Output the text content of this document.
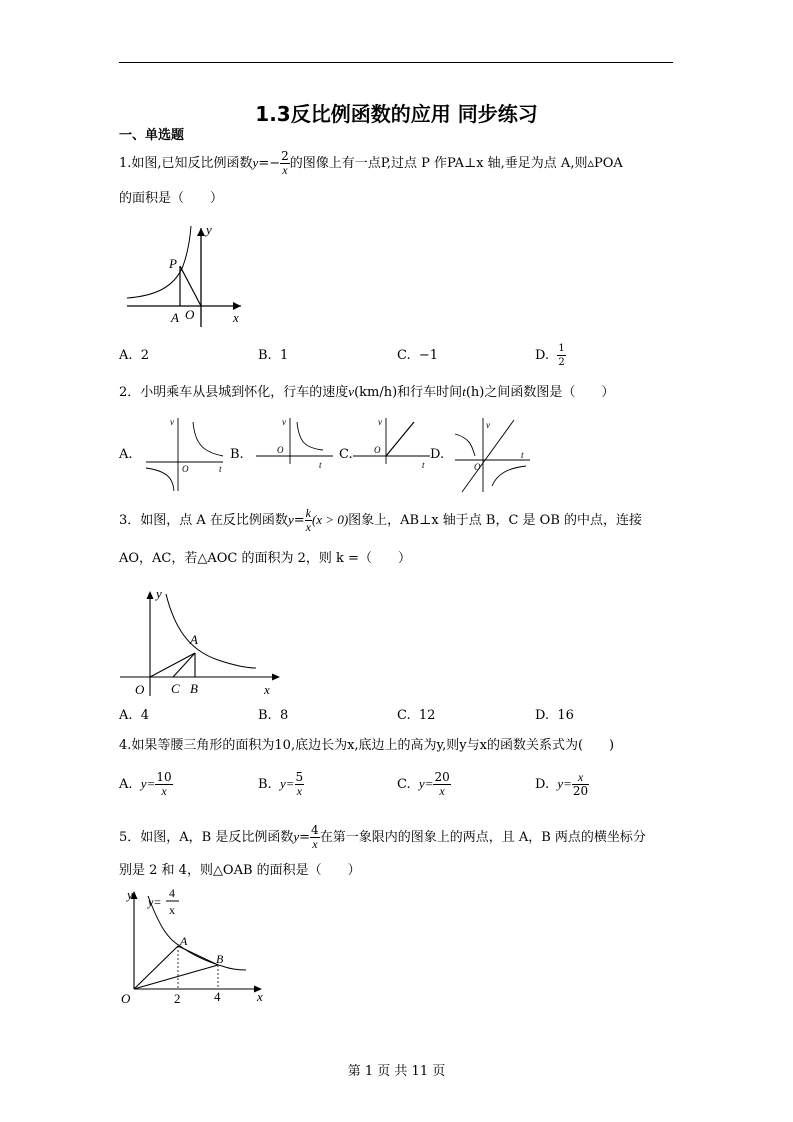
1.3反比例函数的应用 同步练习
一、单选题
1.如图,已知反比例函数$y=- \frac{2}{x}$ 的图像上有一点P,过点 P 作PA⊥x 轴,垂足为点 A,则▵POA
的面积是（　　）
P
A O	x
y
A. 2	B. 1	C. −1	D. $\frac{1}{2}$
2．小明乘车从县城到怀化，行车的速度v(km/h)和行车时间t(h)之间函数图是（　　）
A.
v
O	t
B.
v
O
t
C.
v
O
t
D.
v
O
t
3．如图，点 A 在反比例函数$y= \frac{k}{x} (x > 0)$图象上，AB⊥x 轴于点 B，C 是 OB 的中点，连接
AO，AC，若△AOC 的面积为 2，则 k =（　　）
y
A
O C B	x
A. 4	B. 8	C. 12	D. 16
4.如果等腰三角形的面积为10,底边长为x,底边上的高为y,则y与x的函数关系式为(　　)
A. $y= \frac{10}{x}$	B. $y= \frac{5}{x}$	C. $y= \frac{20}{x}$	D. $y= \frac{x}{20}$
5．如图，A，B 是反比例函数$y= \frac{4}{x}$ 在第一象限内的图象上的两点，且 A，B 两点的横坐标分
别是 2 和 4，则△OAB 的面积是（　　）
y y=
4
x
A
B
O	2	4	x
第 1 页 共 11 页
